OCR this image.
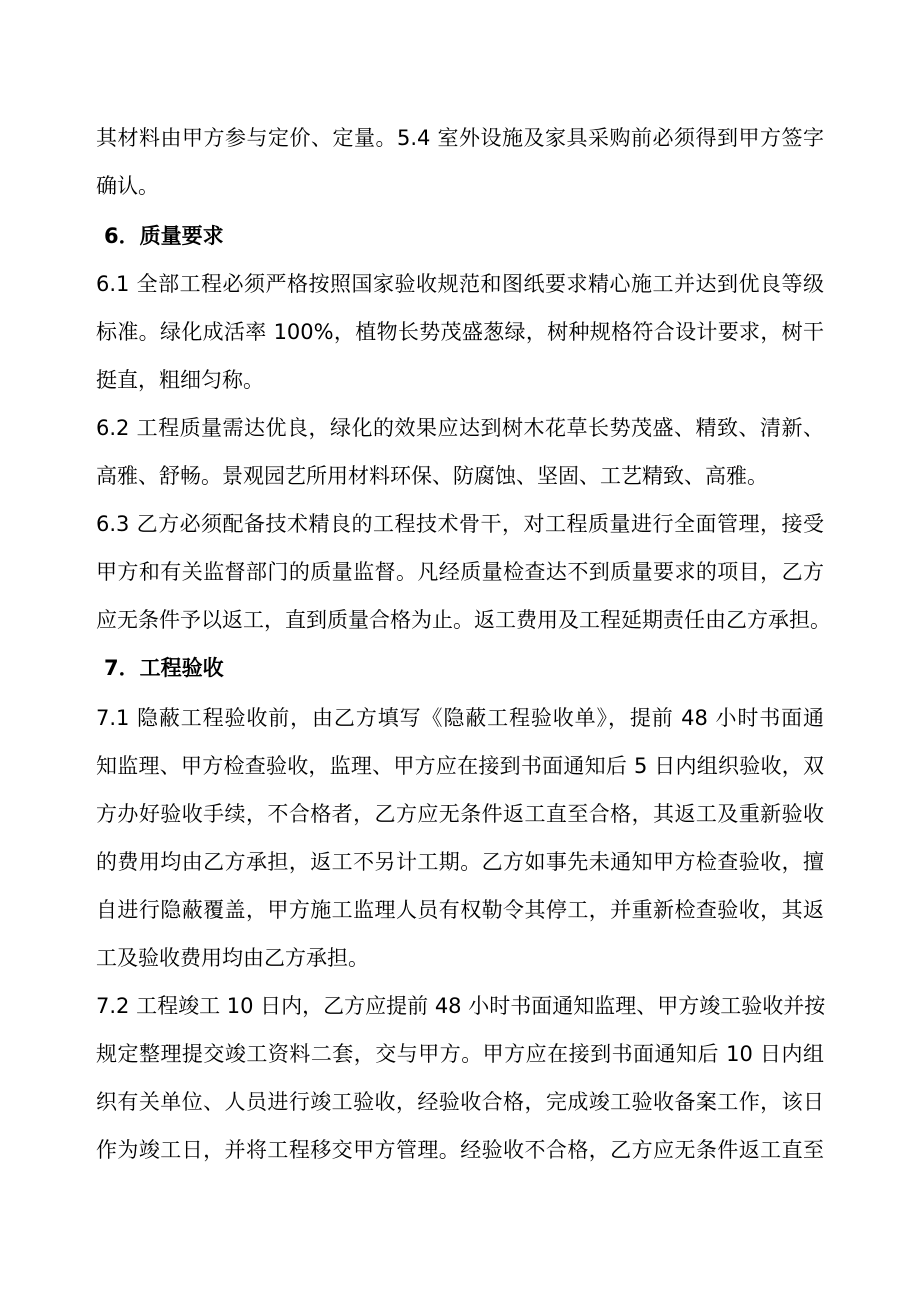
其材料由甲方参与定价、定量。5.4 室外设施及家具采购前必须得到甲方签字
确认。
6．质量要求
6.1 全部工程必须严格按照国家验收规范和图纸要求精心施工并达到优良等级
标准。绿化成活率 100%，植物长势茂盛葱绿，树种规格符合设计要求，树干
挺直，粗细匀称。
6.2 工程质量需达优良，绿化的效果应达到树木花草长势茂盛、精致、清新、
高雅、舒畅。景观园艺所用材料环保、防腐蚀、坚固、工艺精致、高雅。
6.3 乙方必须配备技术精良的工程技术骨干，对工程质量进行全面管理，接受
甲方和有关监督部门的质量监督。凡经质量检查达不到质量要求的项目，乙方
应无条件予以返工，直到质量合格为止。返工费用及工程延期责任由乙方承担。
7．工程验收
7.1 隐蔽工程验收前，由乙方填写《隐蔽工程验收单》，提前 48 小时书面通
知监理、甲方检查验收，监理、甲方应在接到书面通知后 5 日内组织验收，双
方办好验收手续，不合格者，乙方应无条件返工直至合格，其返工及重新验收
的费用均由乙方承担，返工不另计工期。乙方如事先未通知甲方检查验收，擅
自进行隐蔽覆盖，甲方施工监理人员有权勒令其停工，并重新检查验收，其返
工及验收费用均由乙方承担。
7.2 工程竣工 10 日内，乙方应提前 48 小时书面通知监理、甲方竣工验收并按
规定整理提交竣工资料二套，交与甲方。甲方应在接到书面通知后 10 日内组
织有关单位、人员进行竣工验收，经验收合格，完成竣工验收备案工作，该日
作为竣工日，并将工程移交甲方管理。经验收不合格，乙方应无条件返工直至
